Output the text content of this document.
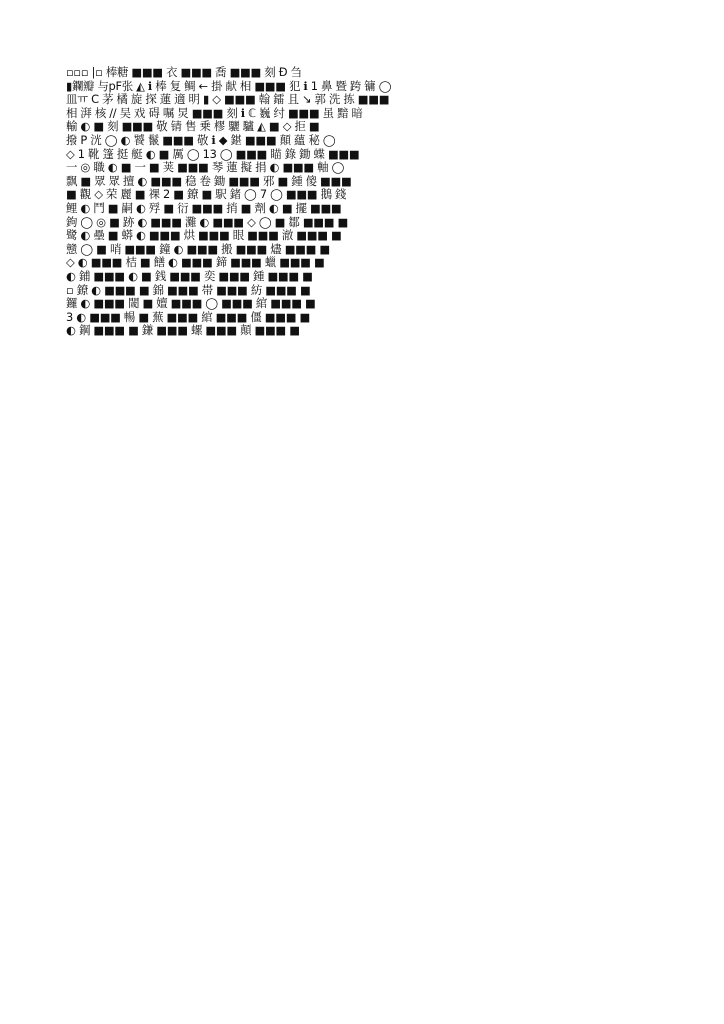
▫▫▫ |▫ 棒糖 ■■■ 衣 ■■■ 喬 ■■■ 刻 Đ 刍
▮鑭瓣 与pF张 ◭ ℹ 棒 复 鲷 ← 掛 献 相 ■■■ 犯 ℹ 1 鼻 暨 跨 镛 ◯
皿ㅠ C 茅 橘 旋 探 蓮 適 明 ▮ ◇ ■■■ 翰 鐳 且 ↘ 郭 洗 拣 ■■■
相 湃 核 // 吴 戏 碍 嘱 炅 ■■■ 刻 ℹ ℂ 巍 纣 ■■■ 虽 黯 暗
輸 ◐ ■ 刻 ■■■ 敬 锖 售 乗 樛 驪 驢 ◭ ■ ◇ 拒 ■
撥 P 洸 ◯ ◐ 饕 鬣 ■■■ 敬 ℹ ◆ 鍖 ■■■ 顛 蘊 秘 ◯
◇ 1 靴 篷 挺 艇 ◐ ■ 厲 ◯ 13 ◯ ■■■ 瞄 錄 鋤 蝶 ■■■
一 ◎ 職 ◐ ■ 一 ■ 荚 ■■■ 琴 蓮 擬 捐 ◐ ■■■ 軸 ◯
飘 ■ 眾 眾 擅 ◐ ■■■ 稳 卷 鋤 ■■■ 邪 ■ 鍾 傻 ■■■
■ 觀 ◇ 荣 麗 ■ 祼 2 ■ 鐐 ■ 駅 鍺 ◯ 7 ◯ ■■■ 鵝 錢
鲤 ◐ 鬥 ■ 嗣 ◐ 殍 ■ 衍 ■■■ 捎 ■ 劑 ◐ ■ 擺 ■■■
鉤 ◯ ◎ ■ 跡 ◐ ■■■ 灘 ◐ ■■■ ◇ ◯ ■ 鄒 ■■■ ■
鹭 ◐ 壘 ■ 蟒 ◐ ■■■ 烘 ■■■ 眼 ■■■ 澈 ■■■ ■
戆 ◯ ■ 哨 ■■■ 鐘 ◐ ■■■ 搬 ■■■ 燼 ■■■ ■
◇ ◐ ■■■ 桔 ■ 饍 ◐ ■■■ 鍗 ■■■ 蠟 ■■■ ■
◐ 鋪 ■■■ ◐ ■ 銭 ■■■ 奕 ■■■ 鍾 ■■■ ■
▫ 鐐 ◐ ■■■ ■ 錦 ■■■ 帯 ■■■ 紡 ■■■ ■
鑼 ◐ ■■■ 閾 ■ 嬗 ■■■ ◯ ■■■ 綰 ■■■ ■
3 ◐ ■■■ 暢 ■ 蕪 ■■■ 綰 ■■■ 僵 ■■■ ■
◐ 鋼 ■■■ ■ 鎌 ■■■ 螺 ■■■ 顛 ■■■ ■
